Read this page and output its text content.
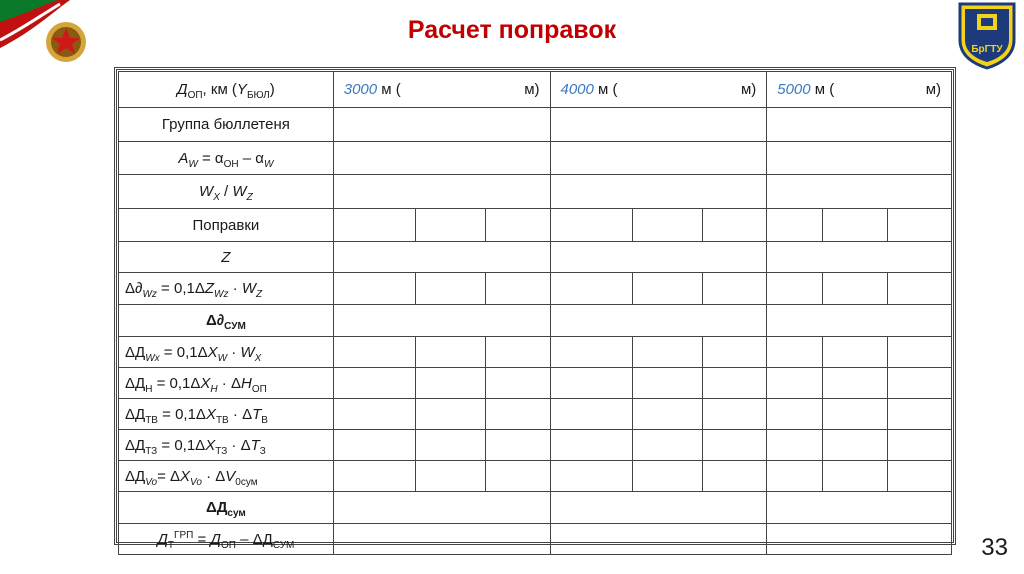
Расчет поправок
БрГТУ
$Д_{ОП}$, км $(Y_{БЮЛ})$	3000 м ( м)			4000 м ( м)			5000 м ( м)		

Группа бюллетеня									
$A_W = \alpha_{ОН} - \alpha_W$			
$W_X / W_Z$			
Поправки									
Z									
$\Delta\partial_{Wz} = 0,1\Delta Z_{Wz} \cdot W_Z$									
$\Delta\partial_{СУМ}$			
$\Delta Д_{Wx} = 0,1\Delta X_W \cdot W_X$									
$\Delta Д_Н = 0,1\Delta X_H \cdot \Delta H_{ОП}$									
$\Delta Д_{ТВ} = 0,1\Delta X_{ТВ} \cdot \Delta T_В$									
$\Delta Д_{ТЗ} = 0,1\Delta X_{ТЗ} \cdot \Delta T_З$									
$\Delta Д_{Vo}= \Delta X_{Vo} \cdot \Delta V_{0сум}$									
$\Delta Д_{сум}$			
$Д_Т^{ГРП} = Д_{ОП} - \Delta Д_{СУМ}$				33
